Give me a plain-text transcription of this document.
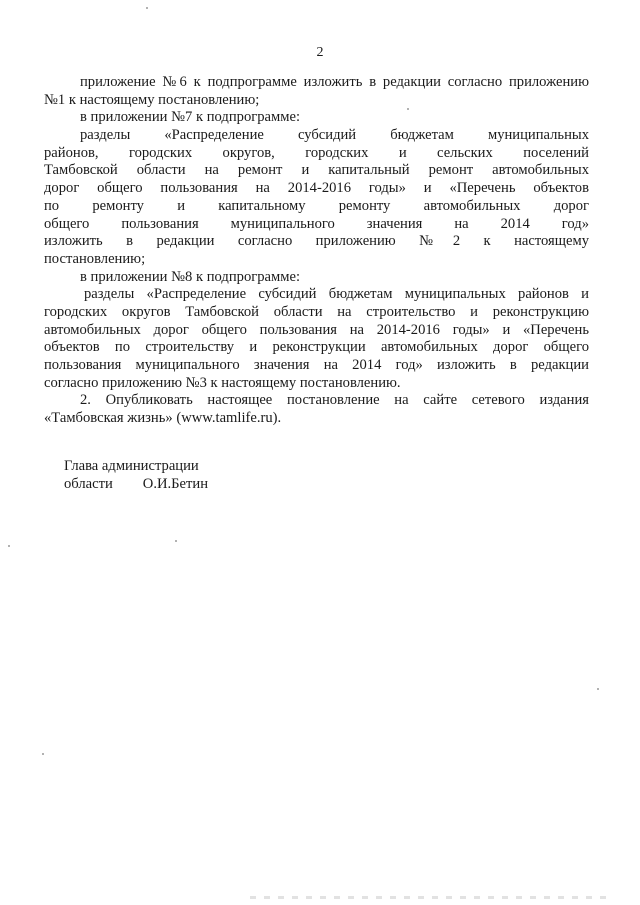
2
приложение №6 к подпрограмме изложить в редакции согласно приложению
№1 к настоящему постановлению;
в приложении №7 к подпрограмме:
разделы «Распределение субсидий бюджетам муниципальных
районов, городских округов, городских и сельских поселений
Тамбовской области на ремонт и капитальный ремонт автомобильных
дорог общего пользования на 2014-2016 годы» и «Перечень объектов
по ремонту и капитальному ремонту автомобильных дорог
общего пользования муниципального значения на 2014 год»
изложить в редакции согласно приложению №2 к настоящему
постановлению;
в приложении №8 к подпрограмме:
разделы «Распределение субсидий бюджетам муниципальных районов и
городских округов Тамбовской области на строительство и реконструкцию
автомобильных дорог общего пользования на 2014-2016 годы» и «Перечень
объектов по строительству и реконструкции автомобильных дорог общего
пользования муниципального значения на 2014 год» изложить в редакции
согласно приложению №3 к настоящему постановлению.
2. Опубликовать настоящее постановление на сайте сетевого издания
«Тамбовская жизнь» (www.tamlife.ru).
Глава администрации
области О.И.Бетин
